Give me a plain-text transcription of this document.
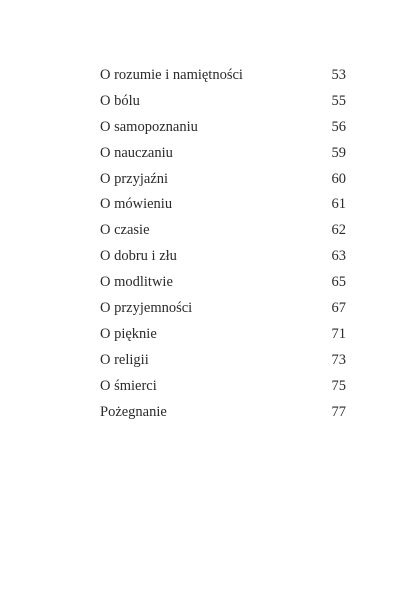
O rozumie i namiętności	53
O bólu	55
O samopoznaniu	56
O nauczaniu	59
O przyjaźni	60
O mówieniu	61
O czasie	62
O dobru i złu	63
O modlitwie	65
O przyjemności	67
O pięknie	71
O religii	73
O śmierci	75
Pożegnanie	77
